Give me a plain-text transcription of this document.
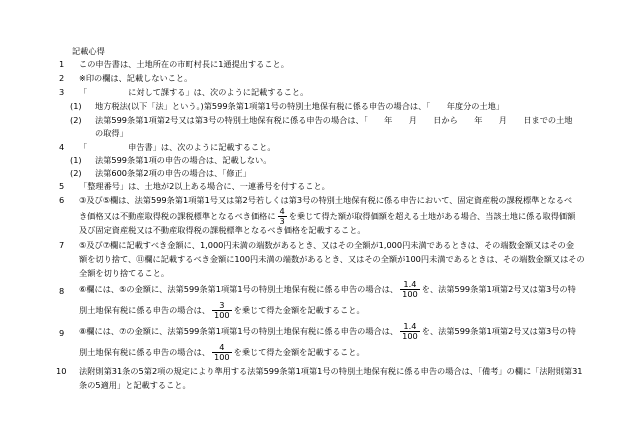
記載心得
1 この申告書は、土地所在の市町村長に1通提出すること。
2 ※印の欄は、記載しないこと。
3 「　　　　　に対して課する」は、次のように記載すること。
(1) 地方税法(以下「法」という。)第599条第1項第1号の特別土地保有税に係る申告の場合は、「　　年度分の土地」
(2) 法第599条第1項第2号又は第3号の特別土地保有税に係る申告の場合は、「　　年　　月　　日から　　年　　月　　日までの土地
の取得」
4 「　　　　　申告書」は、次のように記載すること。
(1) 法第599条第1項の申告の場合は、記載しない。
(2) 法第600条第2項の申告の場合は、「修正」
5 「整理番号」は、土地が2以上ある場合に、一連番号を付すること。
6 ③及び⑤欄は、法第599条第1項第1号又は第2号若しくは第3号の特別土地保有税に係る申告において、固定資産税の課税標準となるべ
き価格又は不動産取得税の課税標準となるべき価格に $\frac{4}{3}$ を乗じて得た額が取得価額を超える土地がある場合、当該土地に係る取得価額
及び固定資産税又は不動産取得税の課税標準となるべき価格を記載すること。
7 ⑤及び⑦欄に記載すべき金額に、1,000円未満の端数があるとき、又はその全額が1,000円未満であるときは、その端数金額又はその金
額を切り捨て、⑪欄に記載するべき金額に100円未満の端数があるとき、又はその全額が100円未満であるときは、その端数金額又はその
全額を切り捨てること。
8 ⑥欄には、⑤の金額に、法第599条第1項第1号の特別土地保有税に係る申告の場合は、 $\frac{1.4}{100}$ を、法第599条第1項第2号又は第3号の特
別土地保有税に係る申告の場合は、 $\frac{3}{100}$ を乗じて得た金額を記載すること。
9 ⑧欄には、⑦の金額に、法第599条第1項第1号の特別土地保有税に係る申告の場合は、 $\frac{1.4}{100}$ を、法第599条第1項第2号又は第3号の特
別土地保有税に係る申告の場合は、 $\frac{4}{100}$ を乗じて得た金額を記載すること。
10 法附則第31条の5第2項の規定により準用する法第599条第1項第1号の特別土地保有税に係る申告の場合は、「備考」の欄に「法附則第31
条の5適用」と記載すること。
